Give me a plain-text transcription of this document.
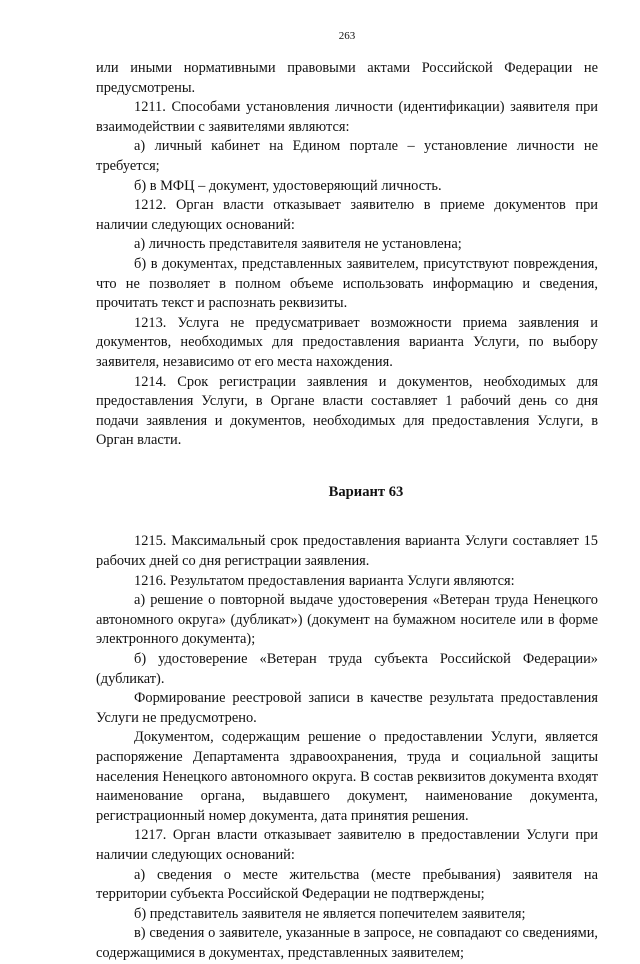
263

или иными нормативными правовыми актами Российской Федерации не предусмотрены.

1211. Способами установления личности (идентификации) заявителя при взаимодействии с заявителями являются:

а) личный кабинет на Едином портале – установление личности не требуется;

б) в МФЦ – документ, удостоверяющий личность.

1212. Орган власти отказывает заявителю в приеме документов при наличии следующих оснований:

а) личность представителя заявителя не установлена;

б) в документах, представленных заявителем, присутствуют повреждения, что не позволяет в полном объеме использовать информацию и сведения, прочитать текст и распознать реквизиты.

1213. Услуга не предусматривает возможности приема заявления и документов, необходимых для предоставления варианта Услуги, по выбору заявителя, независимо от его места нахождения.

1214. Срок регистрации заявления и документов, необходимых для предоставления Услуги, в Органе власти составляет 1 рабочий день со дня подачи заявления и документов, необходимых для предоставления Услуги, в Орган власти.

Вариант 63

1215. Максимальный срок предоставления варианта Услуги составляет 15 рабочих дней со дня регистрации заявления.

1216. Результатом предоставления варианта Услуги являются:

а) решение о повторной выдаче удостоверения «Ветеран труда Ненецкого автономного округа» (дубликат») (документ на бумажном носителе или в форме электронного документа);

б) удостоверение «Ветеран труда субъекта Российской Федерации» (дубликат).

Формирование реестровой записи в качестве результата предоставления Услуги не предусмотрено.

Документом, содержащим решение о предоставлении Услуги, является распоряжение Департамента здравоохранения, труда и социальной защиты населения Ненецкого автономного округа. В состав реквизитов документа входят наименование органа, выдавшего документ, наименование документа, регистрационный номер документа, дата принятия решения.

1217. Орган власти отказывает заявителю в предоставлении Услуги при наличии следующих оснований:

а) сведения о месте жительства (месте пребывания) заявителя на территории субъекта Российской Федерации не подтверждены;

б) представитель заявителя не является попечителем заявителя;

в) сведения о заявителе, указанные в запросе, не совпадают со сведениями, содержащимися в документах, представленных заявителем;
